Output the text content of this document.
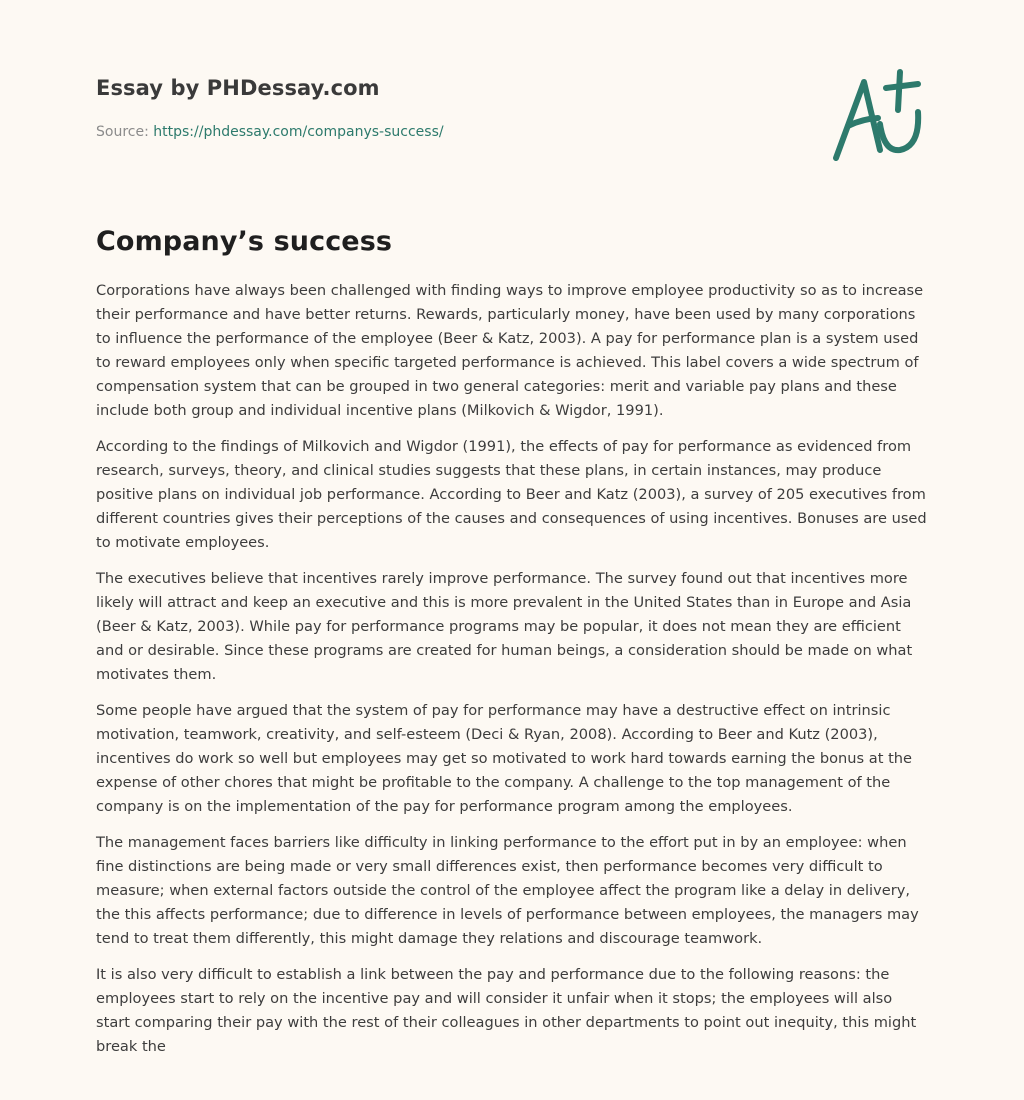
Essay by PHDessay.com

Source: https://phdessay.com/companys-success/

Company’s success

Corporations have always been challenged with finding ways to improve employee productivity so as to increase their performance and have better returns. Rewards, particularly money, have been used by many corporations to influence the performance of the employee (Beer & Katz, 2003). A pay for performance plan is a system used to reward employees only when specific targeted performance is achieved. This label covers a wide spectrum of compensation system that can be grouped in two general categories: merit and variable pay plans and these include both group and individual incentive plans (Milkovich & Wigdor, 1991).

According to the findings of Milkovich and Wigdor (1991), the effects of pay for performance as evidenced from research, surveys, theory, and clinical studies suggests that these plans, in certain instances, may produce positive plans on individual job performance. According to Beer and Katz (2003), a survey of 205 executives from different countries gives their perceptions of the causes and consequences of using incentives. Bonuses are used to motivate employees.

The executives believe that incentives rarely improve performance. The survey found out that incentives more likely will attract and keep an executive and this is more prevalent in the United States than in Europe and Asia (Beer & Katz, 2003). While pay for performance programs may be popular, it does not mean they are efficient and or desirable. Since these programs are created for human beings, a consideration should be made on what motivates them.

Some people have argued that the system of pay for performance may have a destructive effect on intrinsic motivation, teamwork, creativity, and self-esteem (Deci & Ryan, 2008). According to Beer and Kutz (2003), incentives do work so well but employees may get so motivated to work hard towards earning the bonus at the expense of other chores that might be profitable to the company. A challenge to the top management of the company is on the implementation of the pay for performance program among the employees.

The management faces barriers like difficulty in linking performance to the effort put in by an employee: when fine distinctions are being made or very small differences exist, then performance becomes very difficult to measure; when external factors outside the control of the employee affect the program like a delay in delivery, the this affects performance; due to difference in levels of performance between employees, the managers may tend to treat them differently, this might damage they relations and discourage teamwork.

It is also very difficult to establish a link between the pay and performance due to the following reasons: the employees start to rely on the incentive pay and will consider it unfair when it stops; the employees will also start comparing their pay with the rest of their colleagues in other departments to point out inequity, this might break the
